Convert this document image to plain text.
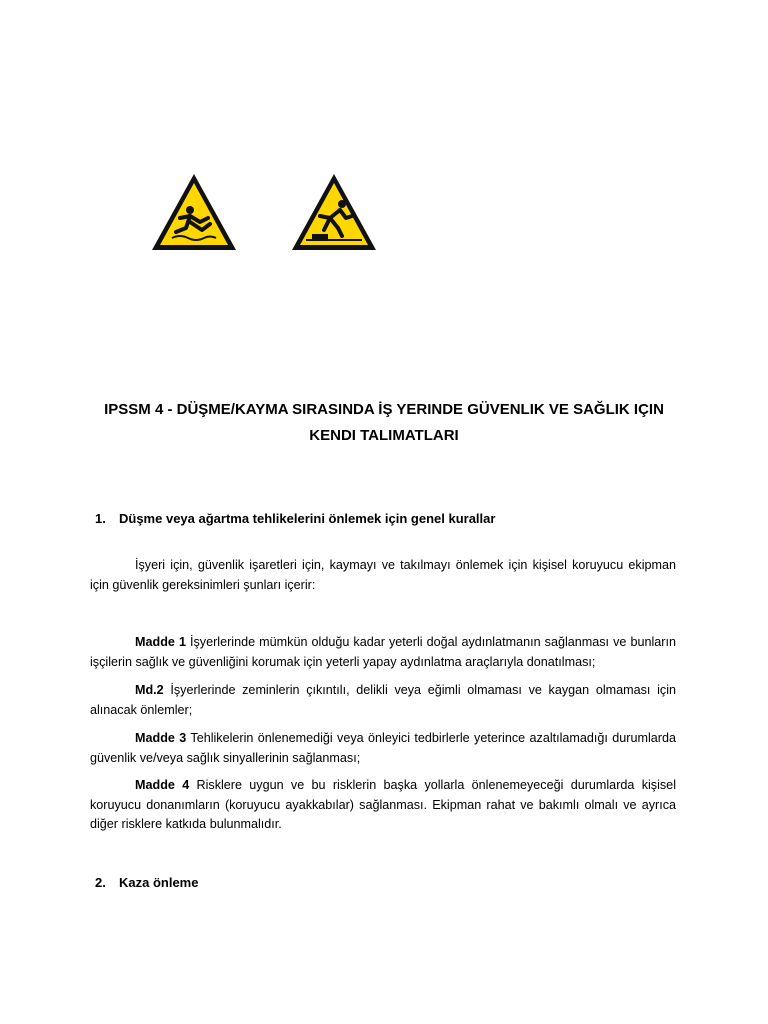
IPSSM 4 - DÜŞME/KAYMA SIRASINDA İŞ YERINDE GÜVENLIK VE SAĞLIK IÇIN
KENDI TALIMATLARI
1. Düşme veya ağartma tehlikelerini önlemek için genel kurallar
İşyeri için, güvenlik işaretleri için, kaymayı ve takılmayı önlemek için kişisel koruyucu ekipman için güvenlik gereksinimleri şunları içerir:
Madde 1 İşyerlerinde mümkün olduğu kadar yeterli doğal aydınlatmanın sağlanması ve bunların işçilerin sağlık ve güvenliğini korumak için yeterli yapay aydınlatma araçlarıyla donatılması;
Md.2 İşyerlerinde zeminlerin çıkıntılı, delikli veya eğimli olmaması ve kaygan olmaması için alınacak önlemler;
Madde 3 Tehlikelerin önlenemediği veya önleyici tedbirlerle yeterince azaltılamadığı durumlarda güvenlik ve/veya sağlık sinyallerinin sağlanması;
Madde 4 Risklere uygun ve bu risklerin başka yollarla önlenemeyeceği durumlarda kişisel koruyucu donanımların (koruyucu ayakkabılar) sağlanması. Ekipman rahat ve bakımlı olmalı ve ayrıca diğer risklere katkıda bulunmalıdır.
2. Kaza önleme
